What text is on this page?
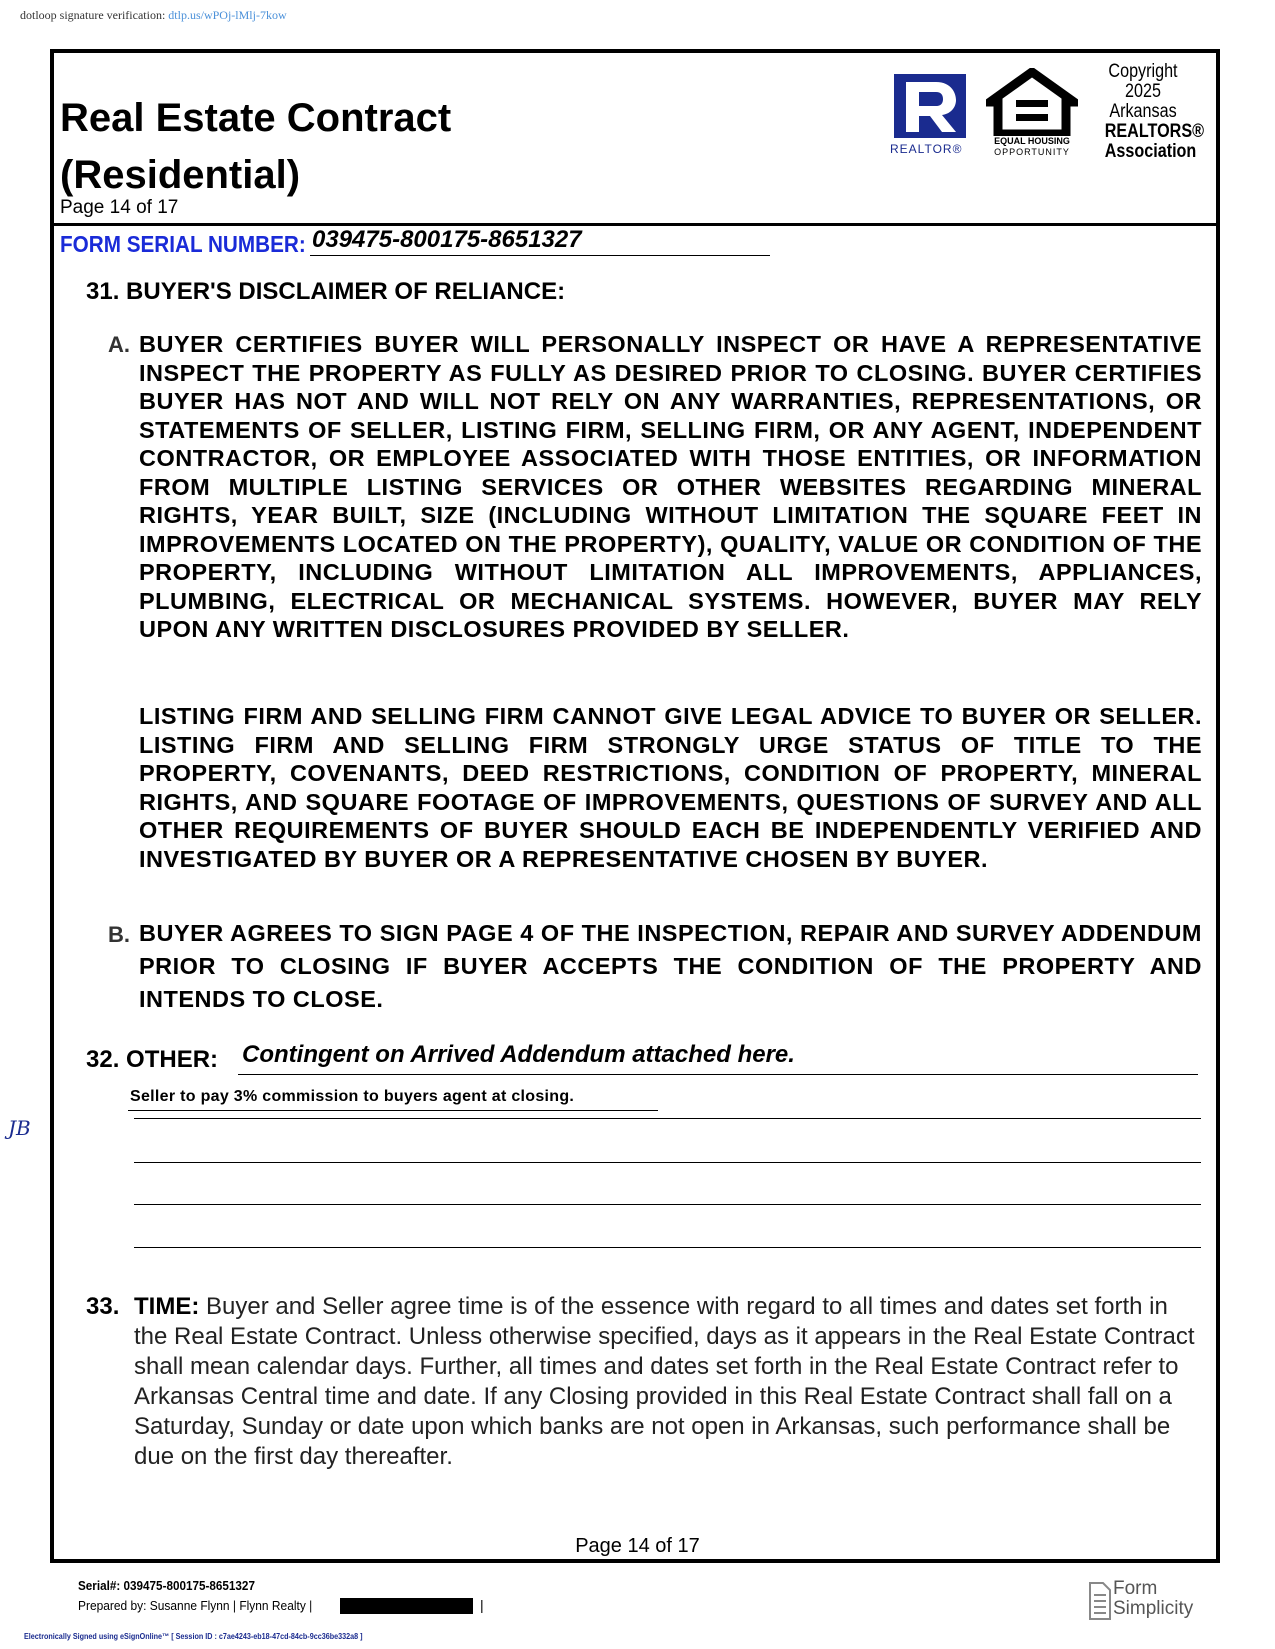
dotloop signature verification: dtlp.us/wPOj-lMlj-7kow
Real Estate Contract
(Residential)
Page 14 of 17
REALTOR®
EQUAL HOUSING
OPPORTUNITY
Copyright
2025
Arkansas
REALTORS®
Association
FORM SERIAL NUMBER: 039475-800175-8651327
31. BUYER'S DISCLAIMER OF RELIANCE:
A. BUYER CERTIFIES BUYER WILL PERSONALLY INSPECT OR HAVE A REPRESENTATIVE INSPECT THE PROPERTY AS FULLY AS DESIRED PRIOR TO CLOSING. BUYER CERTIFIES BUYER HAS NOT AND WILL NOT RELY ON ANY WARRANTIES, REPRESENTATIONS, OR STATEMENTS OF SELLER, LISTING FIRM, SELLING FIRM, OR ANY AGENT, INDEPENDENT CONTRACTOR, OR EMPLOYEE ASSOCIATED WITH THOSE ENTITIES, OR INFORMATION FROM MULTIPLE LISTING SERVICES OR OTHER WEBSITES REGARDING MINERAL RIGHTS, YEAR BUILT, SIZE (INCLUDING WITHOUT LIMITATION THE SQUARE FEET IN IMPROVEMENTS LOCATED ON THE PROPERTY), QUALITY, VALUE OR CONDITION OF THE PROPERTY, INCLUDING WITHOUT LIMITATION ALL IMPROVEMENTS, APPLIANCES, PLUMBING, ELECTRICAL OR MECHANICAL SYSTEMS. HOWEVER, BUYER MAY RELY UPON ANY WRITTEN DISCLOSURES PROVIDED BY SELLER.

LISTING FIRM AND SELLING FIRM CANNOT GIVE LEGAL ADVICE TO BUYER OR SELLER. LISTING FIRM AND SELLING FIRM STRONGLY URGE STATUS OF TITLE TO THE PROPERTY, COVENANTS, DEED RESTRICTIONS, CONDITION OF PROPERTY, MINERAL RIGHTS, AND SQUARE FOOTAGE OF IMPROVEMENTS, QUESTIONS OF SURVEY AND ALL OTHER REQUIREMENTS OF BUYER SHOULD EACH BE INDEPENDENTLY VERIFIED AND INVESTIGATED BY BUYER OR A REPRESENTATIVE CHOSEN BY BUYER.

B. BUYER AGREES TO SIGN PAGE 4 OF THE INSPECTION, REPAIR AND SURVEY ADDENDUM PRIOR TO CLOSING IF BUYER ACCEPTS THE CONDITION OF THE PROPERTY AND INTENDS TO CLOSE.

32. OTHER: Contingent on Arrived Addendum attached here.
Seller to pay 3% commission to buyers agent at closing.
JB
33. TIME: Buyer and Seller agree time is of the essence with regard to all times and dates set forth in the Real Estate Contract. Unless otherwise specified, days as it appears in the Real Estate Contract shall mean calendar days. Further, all times and dates set forth in the Real Estate Contract refer to Arkansas Central time and date. If any Closing provided in this Real Estate Contract shall fall on a Saturday, Sunday or date upon which banks are not open in Arkansas, such performance shall be due on the first day thereafter.

Page 14 of 17
Serial#: 039475-800175-8651327
Prepared by: Susanne Flynn | Flynn Realty |	|
Form
Simplicity
Electronically Signed using eSignOnline™ [ Session ID : c7ae4243-eb18-47cd-84cb-9cc36be332a8 ]
